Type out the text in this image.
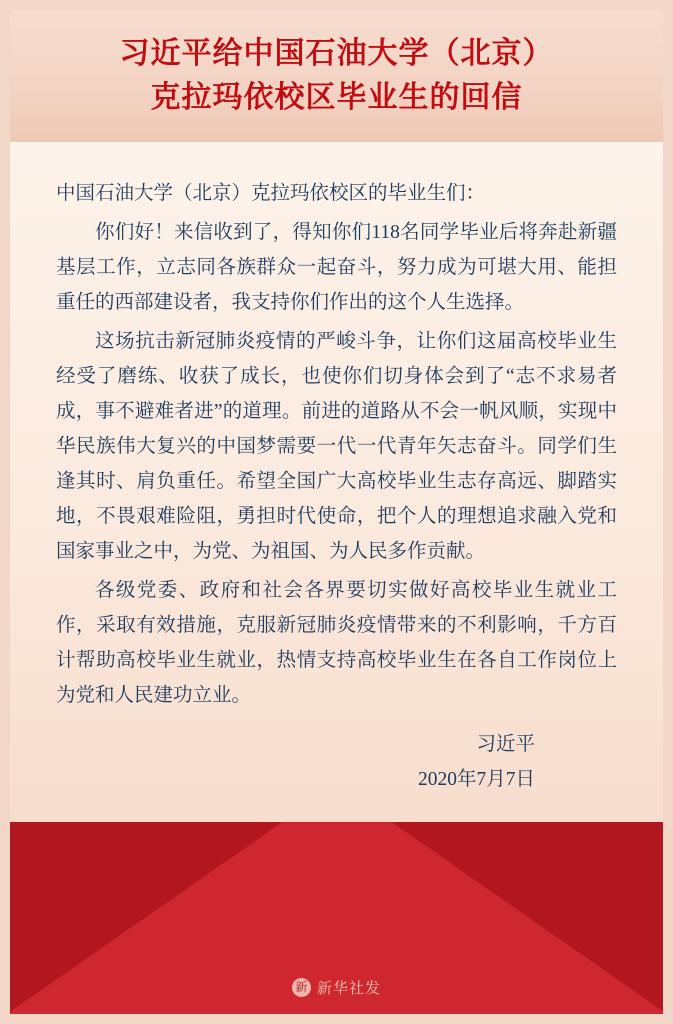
习近平给中国石油大学（北京）
克拉玛依校区毕业生的回信

中国石油大学（北京）克拉玛依校区的毕业生们：

你们好！来信收到了，得知你们118名同学毕业后将奔赴新疆基层工作，立志同各族群众一起奋斗，努力成为可堪大用、能担重任的西部建设者，我支持你们作出的这个人生选择。

这场抗击新冠肺炎疫情的严峻斗争，让你们这届高校毕业生经受了磨练、收获了成长，也使你们切身体会到了“志不求易者成，事不避难者进”的道理。前进的道路从不会一帆风顺，实现中华民族伟大复兴的中国梦需要一代一代青年矢志奋斗。同学们生逢其时、肩负重任。希望全国广大高校毕业生志存高远、脚踏实地，不畏艰难险阻，勇担时代使命，把个人的理想追求融入党和国家事业之中，为党、为祖国、为人民多作贡献。

各级党委、政府和社会各界要切实做好高校毕业生就业工作，采取有效措施，克服新冠肺炎疫情带来的不利影响，千方百计帮助高校毕业生就业，热情支持高校毕业生在各自工作岗位上为党和人民建功立业。

习近平
2020年7月7日
新 新华社发
